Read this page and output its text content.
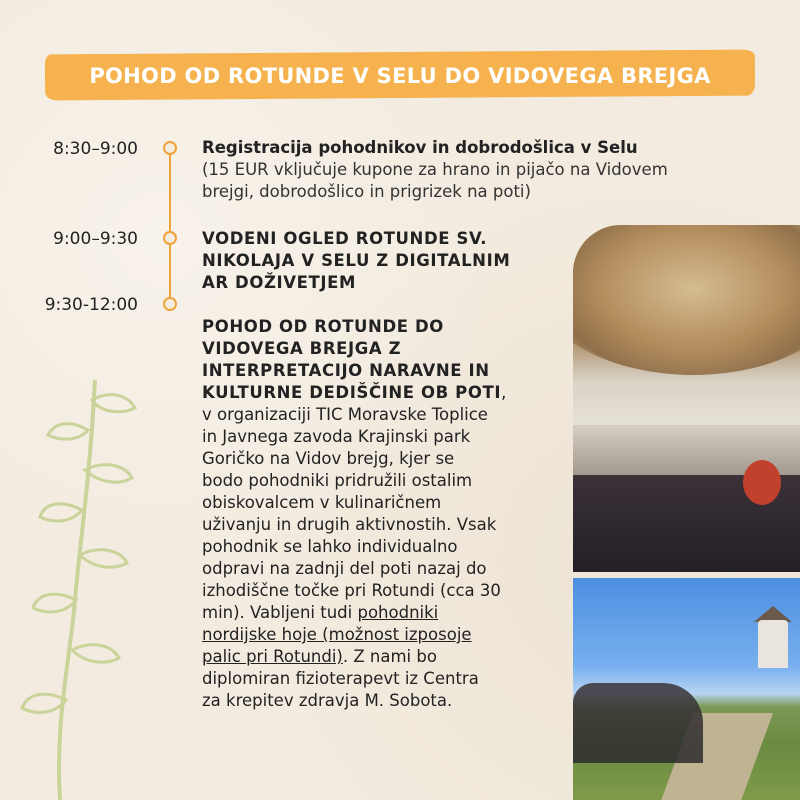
POHOD OD ROTUNDE V SELU DO VIDOVEGA BREJGA
8:30–9:00	Registracija pohodnikov in dobrodošlica v Selu
(15 EUR vključuje kupone za hrano in pijačo na Vidovem brejgi, dobrodošlico in prigrizek na poti)
9:00–9:30	VODENI OGLED ROTUNDE SV.
NIKOLAJA V SELU Z DIGITALNIM
AR DOŽIVETJEM
9:30-12:00
POHOD OD ROTUNDE DO
VIDOVEGA BREJGA Z
INTERPRETACIJO NARAVNE IN
KULTURNE DEDIŠČINE OB POTI,
v organizaciji TIC Moravske Toplice
in Javnega zavoda Krajinski park
Goričko na Vidov brejg, kjer se
bodo pohodniki pridružili ostalim
obiskovalcem v kulinaričnem
uživanju in drugih aktivnostih. Vsak
pohodnik se lahko individualno
odpravi na zadnji del poti nazaj do
izhodiščne točke pri Rotundi (cca 30
min). Vabljeni tudi pohodniki
nordijske hoje (možnost izposoje
palic pri Rotundi). Z nami bo
diplomiran fizioterapevt iz Centra
za krepitev zdravja M. Sobota.
